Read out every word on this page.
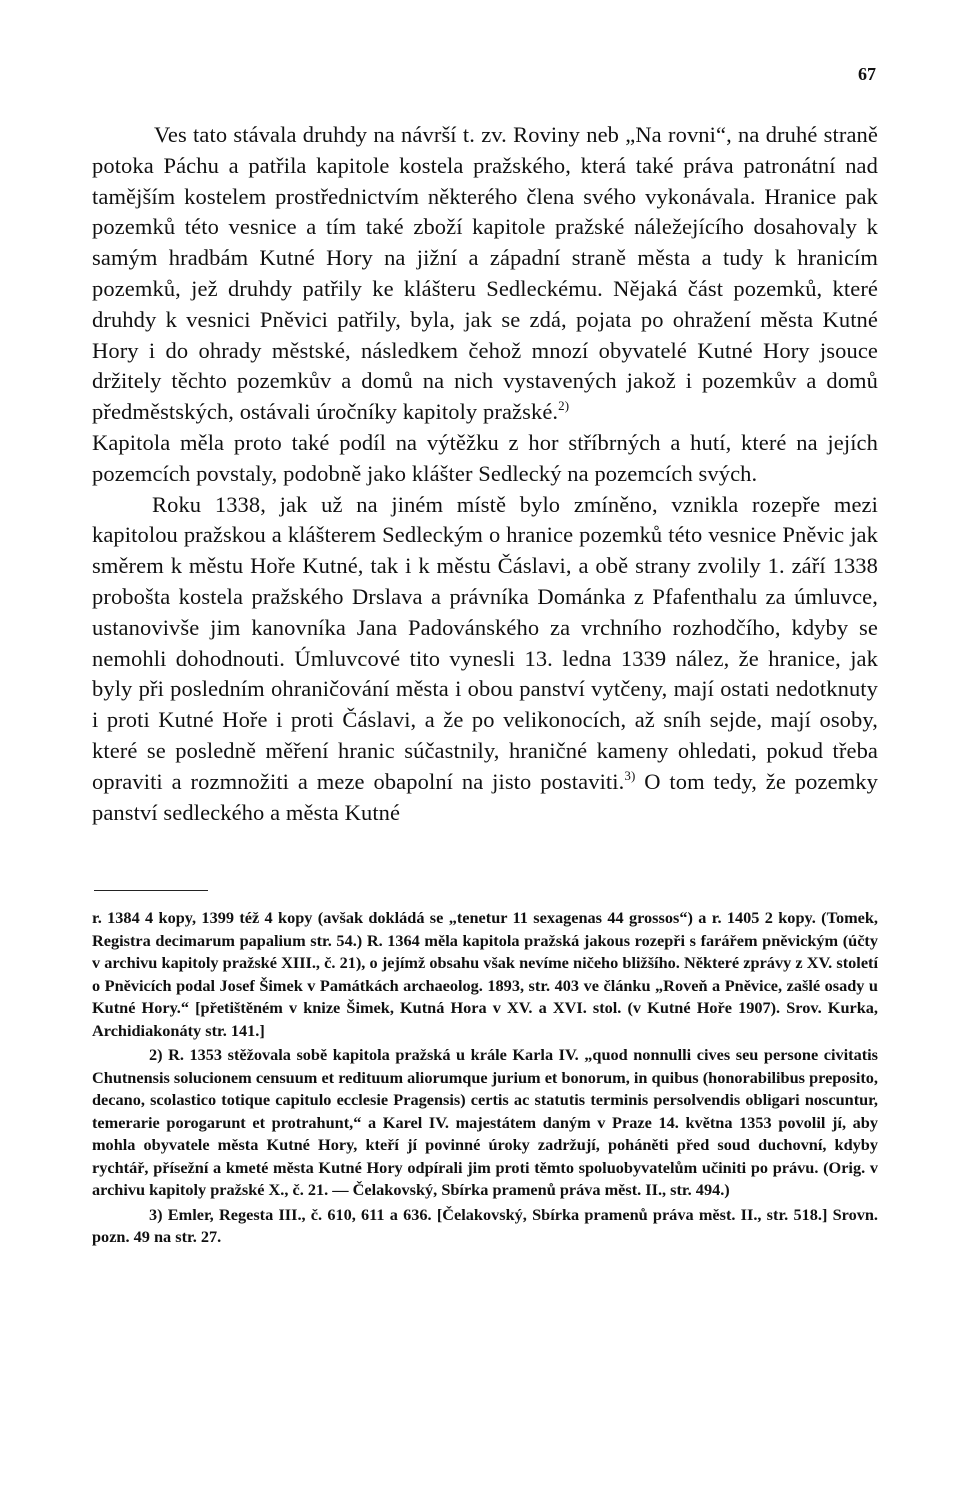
67

Ves tato stávala druhdy na návrší t. zv. Roviny neb „Na rovni“, na druhé straně potoka Páchu a patřila kapitole kostela pražského, která také práva patronátní nad tamějším kostelem prostřednictvím některého člena svého vykonávala. Hranice pak pozemků této vesnice a tím také zboží kapitole pražské náležejícího dosahovaly k samým hradbám Kutné Hory na jižní a západní straně města a tudy k hranicím pozemků, jež druhdy patřily ke klášteru Sedleckému. Nějaká část pozemků, které druhdy k vesnici Pněvici patřily, byla, jak se zdá, pojata po ohražení města Kutné Hory i do ohrady městské, následkem čehož mnozí obyvatelé Kutné Hory jsouce držitely těchto pozemkův a domů na nich vystavených jakož i pozemkův a domů předměstských, ostávali úročníky kapitoly pražské.$^{2)}$

Kapitola měla proto také podíl na výtěžku z hor stříbrných a hutí, které na jejích pozemcích povstaly, podobně jako klášter Sedlecký na pozemcích svých.

Roku 1338, jak už na jiném místě bylo zmíněno, vznikla rozepře mezi kapitolou pražskou a klášterem Sedleckým o hranice pozemků této vesnice Pněvic jak směrem k městu Hoře Kutné, tak i k městu Čáslavi, a obě strany zvolily 1. září 1338 probošta kostela pražského Drslava a právníka Dománka z Pfafenthalu za úmluvce, ustanovivše jim kanovníka Jana Padovánského za vrchního rozhodčího, kdyby se nemohli dohodnouti. Úmluvcové tito vynesli 13. ledna 1339 nález, že hranice, jak byly při posledním ohraničování města i obou panství vytčeny, mají ostati nedotknuty i proti Kutné Hoře i proti Čáslavi, a že po velikonocích, až sníh sejde, mají osoby, které se posledně měření hranic súčastnily, hraničné kameny ohledati, pokud třeba opraviti a rozmnožiti a meze obapolní na jisto postaviti.$^{3)}$ O tom tedy, že pozemky panství sedleckého a města Kutné

r. 1384 4 kopy, 1399 též 4 kopy (avšak dokládá se „tenetur 11 sexagenas 44 grossos“) a r. 1405 2 kopy. (Tomek, Registra decimarum papalium str. 54.) R. 1364 měla kapitola pražská jakous rozepři s farářem pněvickým (účty v archivu kapitoly pražské XIII., č. 21), o jejímž obsahu však nevíme ničeho bližšího. Některé zprávy z XV. století o Pněvicích podal Josef Šimek v Památkách archaeolog. 1893, str. 403 ve článku „Roveň a Pněvice, zašlé osady u Kutné Hory.“ [přetištěném v knize Šimek, Kutná Hora v XV. a XVI. stol. (v Kutné Hoře 1907). Srov. Kurka, Archidiakonáty str. 141.]

2) R. 1353 stěžovala sobě kapitola pražská u krále Karla IV. „quod nonnulli cives seu persone civitatis Chutnensis solucionem censuum et redituum aliorumque jurium et bonorum, in quibus (honorabilibus preposito, decano, scolastico totique capitulo ecclesie Pragensis) certis ac statutis terminis persolvendis obligari noscuntur, temerarie porogarunt et protrahunt,“ a Karel IV. majestátem daným v Praze 14. května 1353 povolil jí, aby mohla obyvatele města Kutné Hory, kteří jí povinné úroky zadržují, poháněti před soud duchovní, kdyby rychtář, přísežní a kmeté města Kutné Hory odpírali jim proti těmto spoluobyvatelům učiniti po právu. (Orig. v archivu kapitoly pražské X., č. 21. — Čelakovský, Sbírka pramenů práva měst. II., str. 494.)

3) Emler, Regesta III., č. 610, 611 a 636. [Čelakovský, Sbírka pramenů práva měst. II., str. 518.] Srovn. pozn. 49 na str. 27.
